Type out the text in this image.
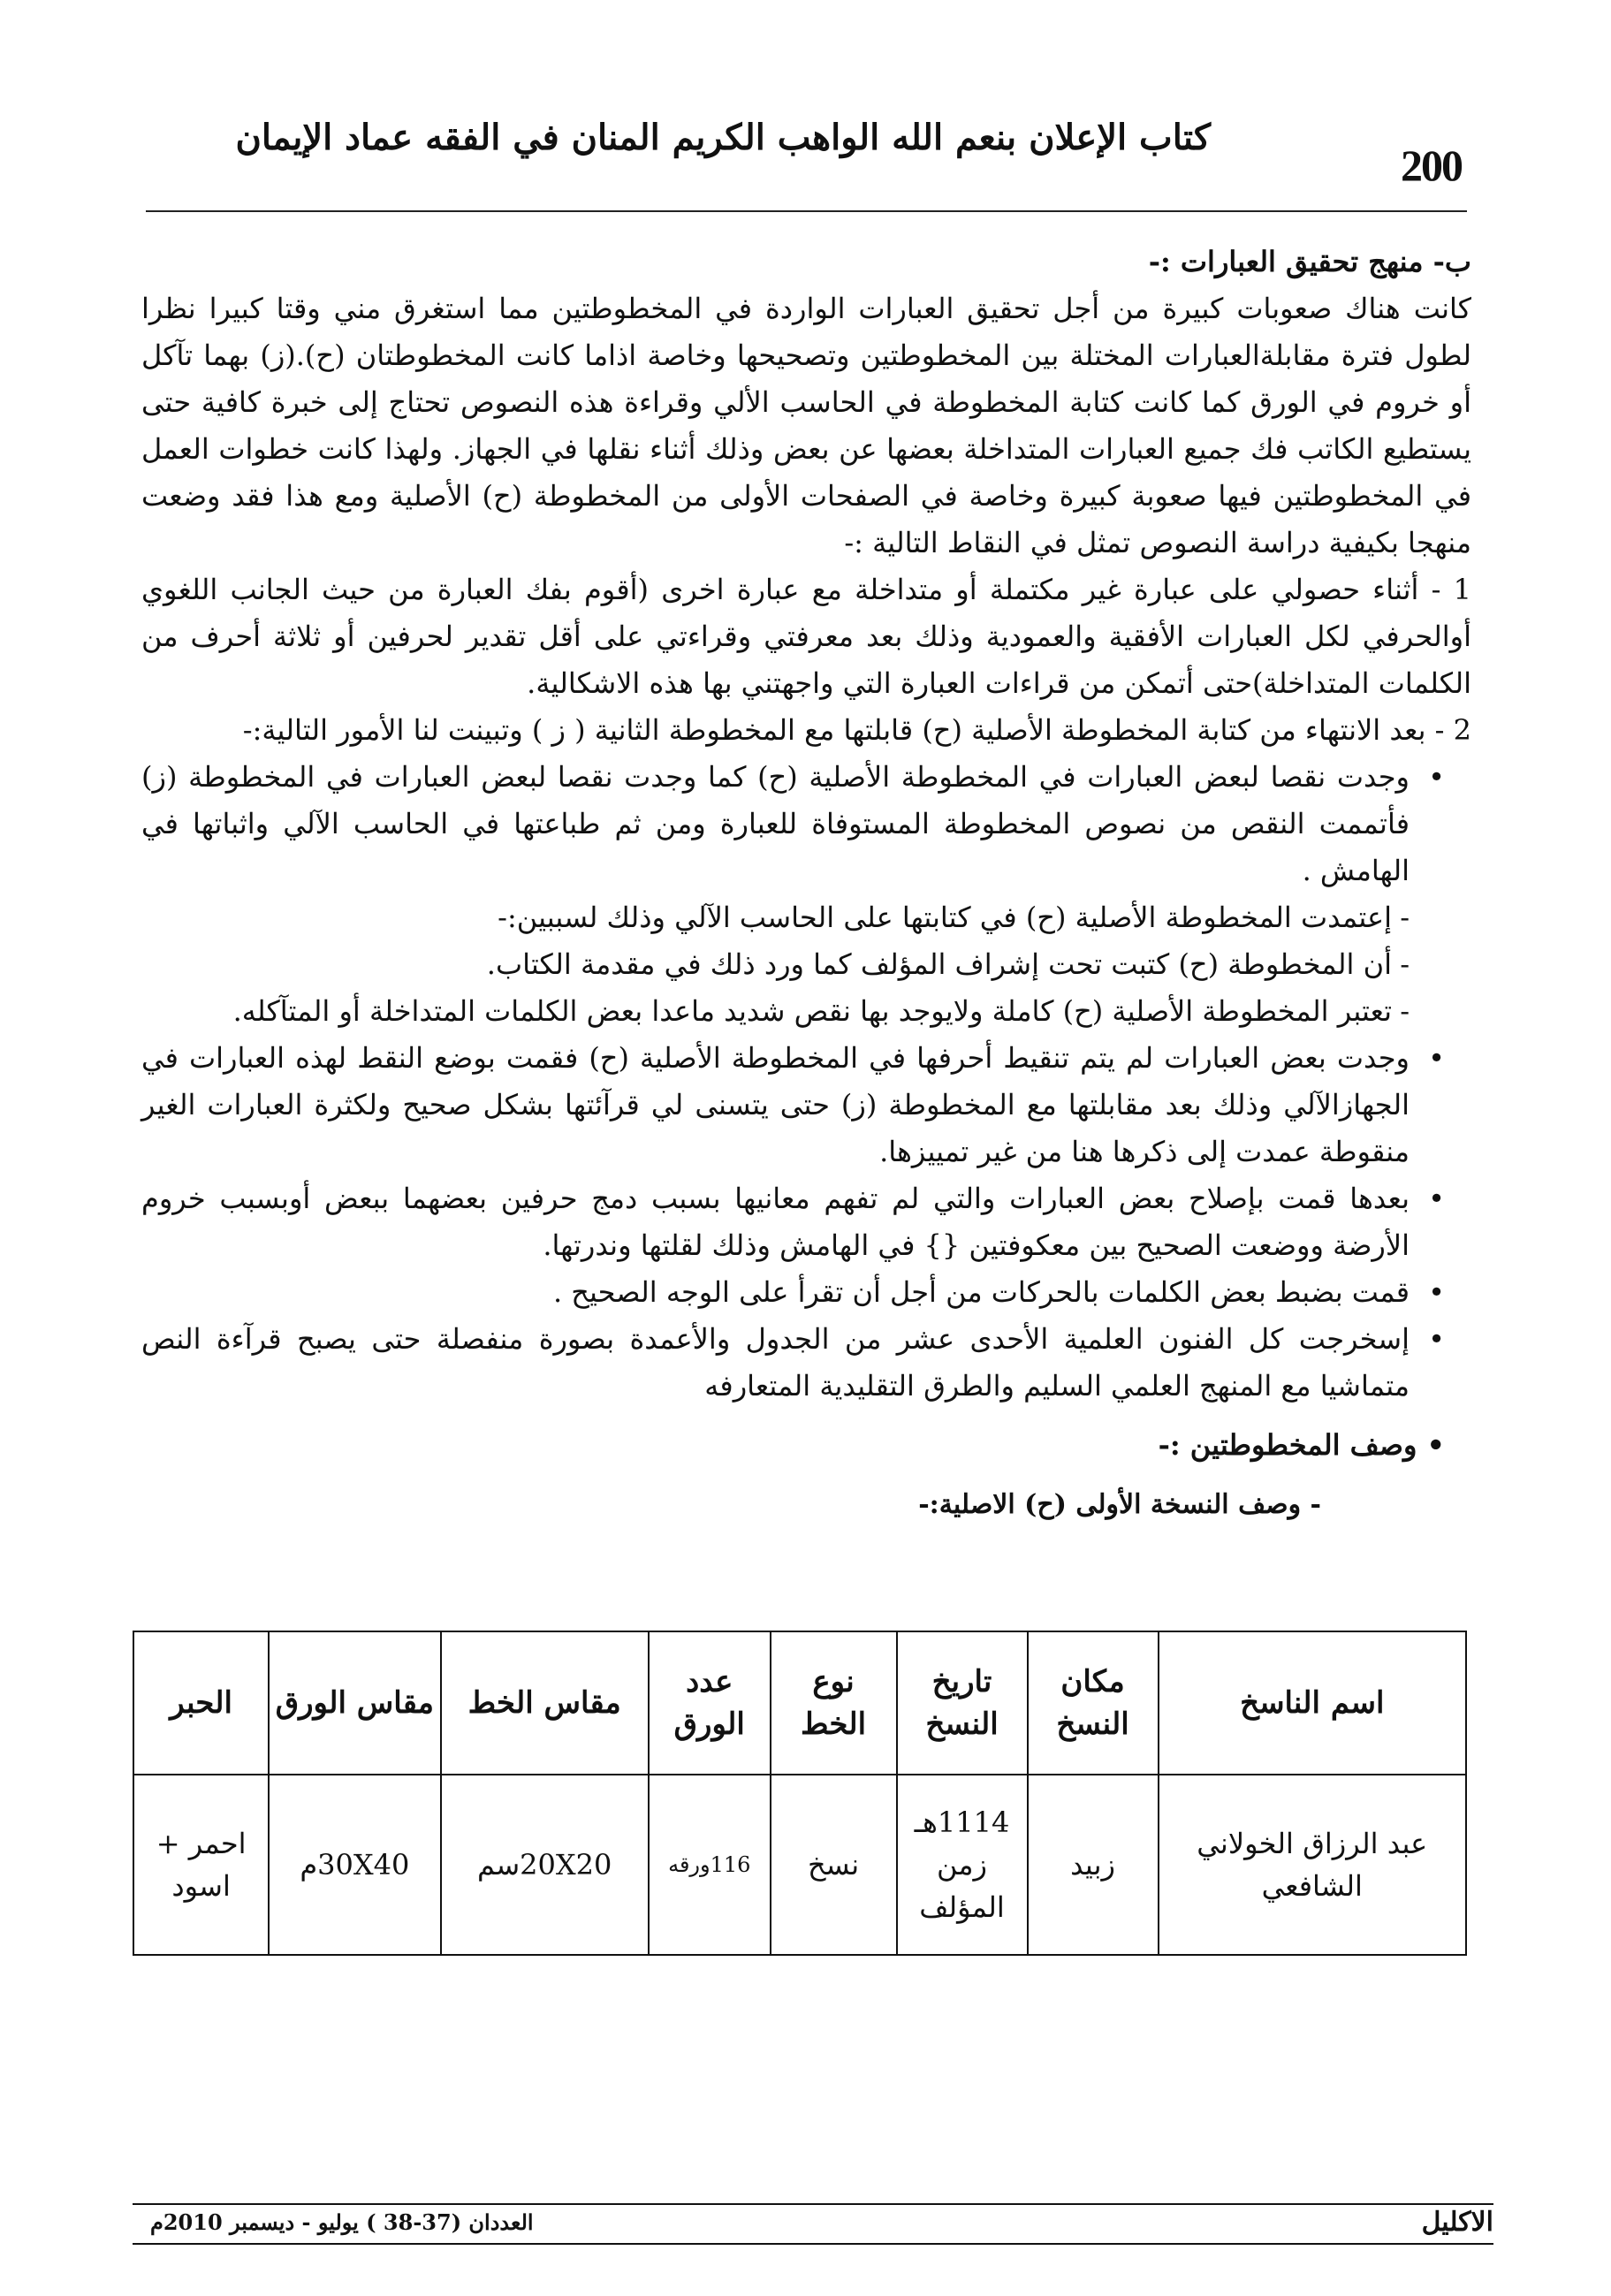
200
كتاب الإعلان بنعم الله الواهب الكريم المنان في الفقه عماد الإيمان

ب- منهج تحقيق العبارات :-

كانت هناك صعوبات كبيرة من أجل تحقيق العبارات الواردة في المخطوطتين مما استغرق مني وقتا كبيرا نظرا لطول فترة مقابلةالعبارات المختلة بين المخطوطتين وتصحيحها وخاصة اذاما كانت المخطوطتان (ح).(ز) بهما تآكل أو خروم في الورق كما كانت كتابة المخطوطة في الحاسب الألي وقراءة هذه النصوص تحتاج إلى خبرة كافية حتى يستطيع الكاتب فك جميع العبارات المتداخلة بعضها عن بعض وذلك أثناء نقلها في الجهاز. ولهذا كانت خطوات العمل في المخطوطتين فيها صعوبة كبيرة وخاصة في الصفحات الأولى من المخطوطة (ح) الأصلية ومع هذا فقد وضعت منهجا بكيفية دراسة النصوص تمثل في النقاط التالية :-

1 - أثناء حصولي على عبارة غير مكتملة أو متداخلة مع عبارة اخرى (أقوم بفك العبارة من حيث الجانب اللغوي أوالحرفي لكل العبارات الأفقية والعمودية وذلك بعد معرفتي وقراءتي على أقل تقدير لحرفين أو ثلاثة أحرف من الكلمات المتداخلة)حتى أتمكن من قراءات العبارة التي واجهتني بها هذه الاشكالية.

2 - بعد الانتهاء من كتابة المخطوطة الأصلية (ح) قابلتها مع المخطوطة الثانية ( ز ) وتبينت لنا الأمور التالية:-

•
وجدت نقصا لبعض العبارات في المخطوطة الأصلية (ح) كما وجدت نقصا لبعض العبارات في المخطوطة (ز) فأتممت النقص من نصوص المخطوطة المستوفاة للعبارة ومن ثم طباعتها في الحاسب الآلي واثباتها في الهامش .
-
إعتمدت المخطوطة الأصلية (ح) في كتابتها على الحاسب الآلي وذلك لسببين:-
-
أن المخطوطة (ح) كتبت تحت إشراف المؤلف كما ورد ذلك في مقدمة الكتاب.
-
تعتبر المخطوطة الأصلية (ح) كاملة ولايوجد بها نقص شديد ماعدا بعض الكلمات المتداخلة أو المتآكله.
•
وجدت بعض العبارات لم يتم تنقيط أحرفها في المخطوطة الأصلية (ح) فقمت بوضع النقط لهذه العبارات في الجهازالآلي وذلك بعد مقابلتها مع المخطوطة (ز) حتى يتسنى لي قرآئتها بشكل صحيح ولكثرة العبارات الغير منقوطة عمدت إلى ذكرها هنا من غير تمييزها.
•
بعدها قمت بإصلاح بعض العبارات والتي لم تفهم معانيها بسبب دمج حرفين بعضهما ببعض أوبسبب خروم الأرضة ووضعت الصحيح بين معكوفتين {} في الهامش وذلك لقلتها وندرتها.
•
قمت بضبط بعض الكلمات بالحركات من أجل أن تقرأ على الوجه الصحيح .
•
إسخرجت كل الفنون العلمية الأحدى عشر من الجدول والأعمدة بصورة منفصلة حتى يصبح قرآءة النص متماشيا مع المنهج العلمي السليم والطرق التقليدية المتعارفه

• وصف المخطوطتين :-

- وصف النسخة الأولى (ح) الاصلية:-

اسم الناسخ	مكان النسخ	تاريخ النسخ	نوع الخط	عدد الورق	مقاس الخط	مقاس الورق	الحبر
عبد الرزاق الخولاني الشافعي	زبيد	1114هـ زمن المؤلف	نسخ	116ورقه	20X20سم	30X40م	احمر + اسود
الاكليل
العددان (37-38 ) يوليو - ديسمبر 2010م
